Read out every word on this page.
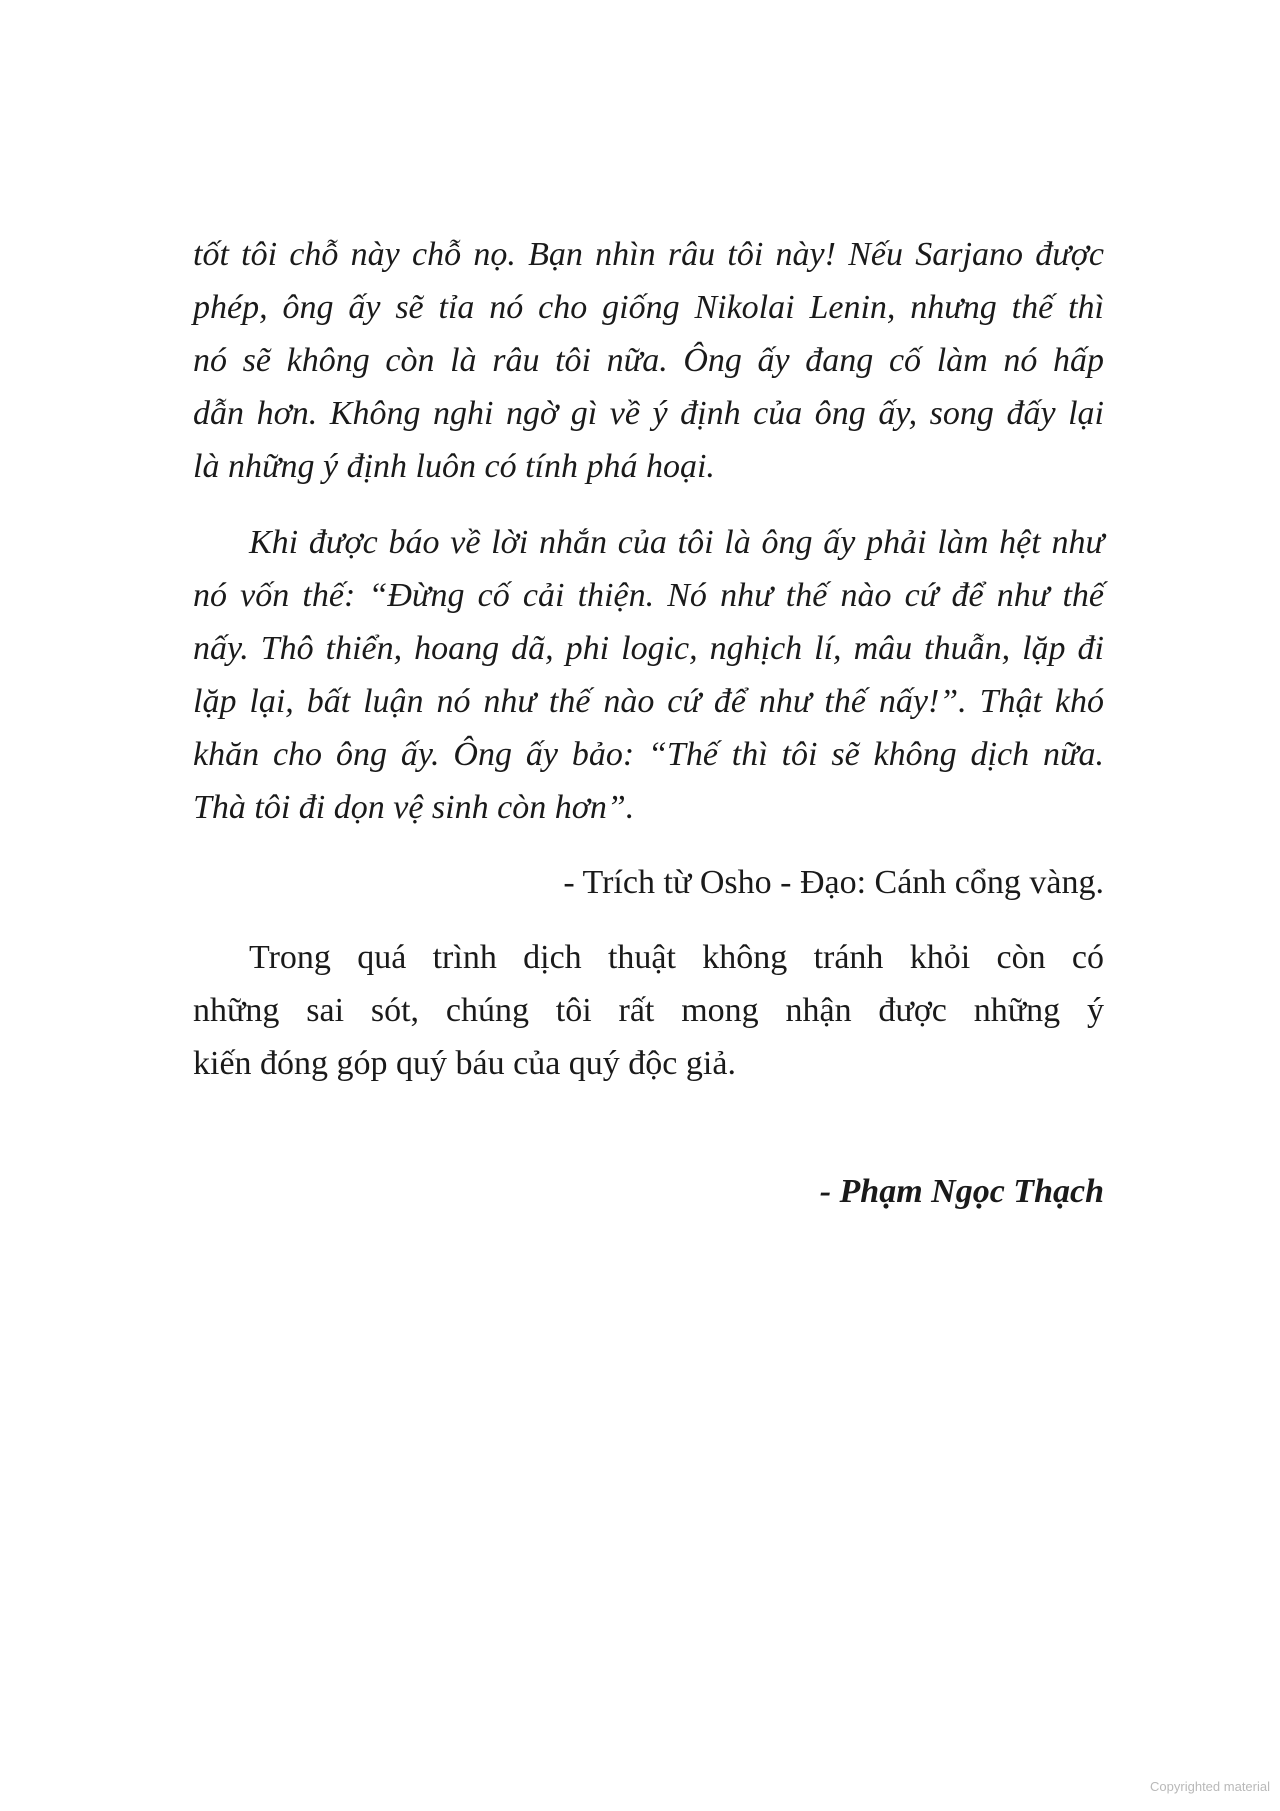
tốt tôi chỗ này chỗ nọ. Bạn nhìn râu tôi này! Nếu Sarjano được
phép, ông ấy sẽ tỉa nó cho giống Nikolai Lenin, nhưng thế thì
nó sẽ không còn là râu tôi nữa. Ông ấy đang cố làm nó hấp
dẫn hơn. Không nghi ngờ gì về ý định của ông ấy, song đấy lại
là những ý định luôn có tính phá hoại.
Khi được báo về lời nhắn của tôi là ông ấy phải làm hệt như
nó vốn thế: “Đừng cố cải thiện. Nó như thế nào cứ để như thế
nấy. Thô thiển, hoang dã, phi logic, nghịch lí, mâu thuẫn, lặp đi
lặp lại, bất luận nó như thế nào cứ để như thế nấy!”. Thật khó
khăn cho ông ấy. Ông ấy bảo: “Thế thì tôi sẽ không dịch nữa.
Thà tôi đi dọn vệ sinh còn hơn”.
- Trích từ Osho - Đạo: Cánh cổng vàng.
Trong quá trình dịch thuật không tránh khỏi còn có
những sai sót, chúng tôi rất mong nhận được những ý
kiến đóng góp quý báu của quý độc giả.
- Phạm Ngọc Thạch
Copyrighted material
